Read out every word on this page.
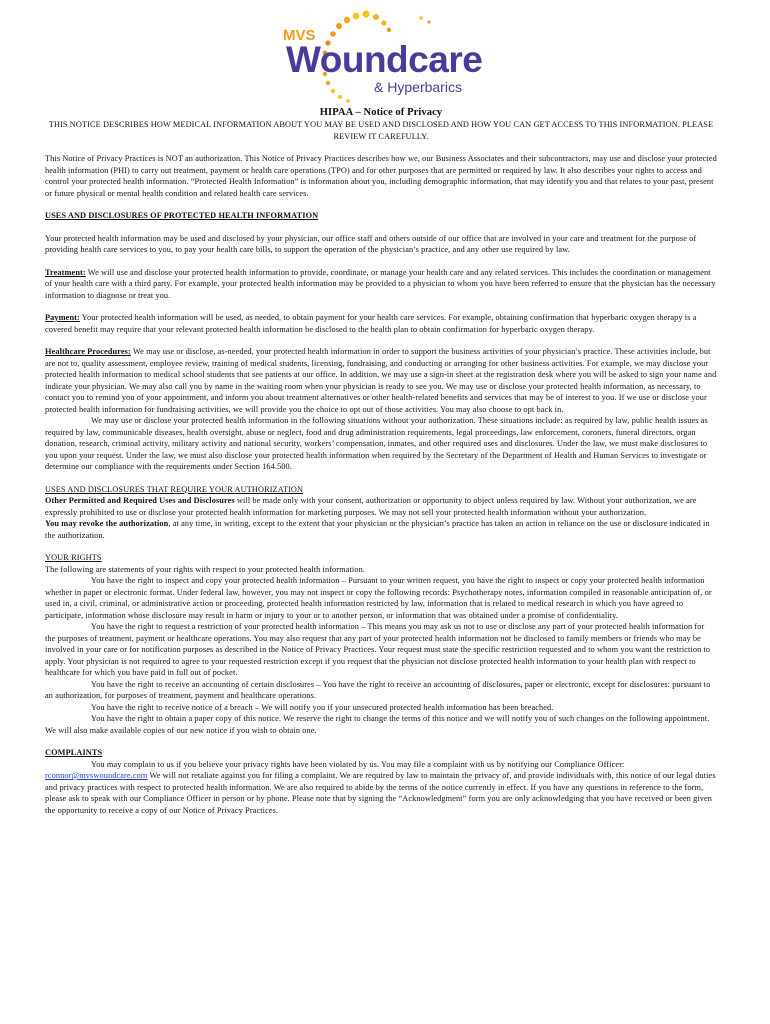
MVS
Woundcare
& Hyperbarics

HIPAA – Notice of Privacy

THIS NOTICE DESCRIBES HOW MEDICAL INFORMATION ABOUT YOU MAY BE USED AND DISCLOSED AND HOW YOU CAN GET ACCESS TO THIS INFORMATION. PLEASE REVIEW IT CAREFULLY.

This Notice of Privacy Practices is NOT an authorization. This Notice of Privacy Practices describes how we, our Business Associates and their subcontractors, may use and disclose your protected health information (PHI) to carry out treatment, payment or health care operations (TPO) and for other purposes that are permitted or required by law. It also describes your rights to access and control your protected health information. “Protected Health Information” is information about you, including demographic information, that may identify you and that relates to your past, present or future physical or mental health condition and related health care services.

USES AND DISCLOSURES OF PROTECTED HEALTH INFORMATION

Your protected health information may be used and disclosed by your physician, our office staff and others outside of our office that are involved in your care and treatment for the purpose of providing health care services to you, to pay your health care bills, to support the operation of the physician’s practice, and any other use required by law.

Treatment: We will use and disclose your protected health information to provide, coordinate, or manage your health care and any related services. This includes the coordination or management of your health care with a third party. For example, your protected health information may be provided to a physician to whom you have been referred to ensure that the physician has the necessary information to diagnose or treat you.

Payment: Your protected health information will be used, as needed, to obtain payment for your health care services. For example, obtaining confirmation that hyperbaric oxygen therapy is a covered benefit may require that your relevant protected health information be disclosed to the health plan to obtain confirmation for hyperbaric oxygen therapy.

Healthcare Procedures: We may use or disclose, as-needed, your protected health information in order to support the business activities of your physician’s practice. These activities include, but are not to, quality assessment, employee review, training of medical students, licensing, fundraising, and conducting or arranging for other business activities. For example, we may disclose your protected health information to medical school students that see patients at our office. In addition, we may use a sign-in sheet at the registration desk where you will be asked to sign your name and indicate your physician. We may also call you by name in the waiting room when your physician is ready to see you. We may use or disclose your protected health information, as necessary, to contact you to remind you of your appointment, and inform you about treatment alternatives or other health-related benefits and services that may be of interest to you. If we use or disclose your protected health information for fundraising activities, we will provide you the choice to opt out of those activities. You may also choose to opt back in.

We may use or disclose your protected health information in the following situations without your authorization. These situations include: as required by law, public health issues as required by law, communicable diseases, health oversight, abuse or neglect, food and drug administration requirements, legal proceedings, law enforcement, coroners, funeral directors, organ donation, research, criminal activity, military activity and national security, workers’ compensation, inmates, and other required uses and disclosures. Under the law, we must make disclosures to you upon your request. Under the law, we must also disclose your protected health information when required by the Secretary of the Department of Health and Human Services to investigate or determine our compliance with the requirements under Section 164.500.

USES AND DISCLOSURES THAT REQUIRE YOUR AUTHORIZATION

Other Permitted and Required Uses and Disclosures will be made only with your consent, authorization or opportunity to object unless required by law. Without your authorization, we are expressly prohibited to use or disclose your protected health information for marketing purposes. We may not sell your protected health information without your authorization.

You may revoke the authorization, at any time, in writing, except to the extent that your physician or the physician’s practice has taken an action in reliance on the use or disclosure indicated in the authorization.

YOUR RIGHTS

The following are statements of your rights with respect to your protected health information.

You have the right to inspect and copy your protected health information – Pursuant to your written request, you have the right to inspect or copy your protected health information whether in paper or electronic format. Under federal law, however, you may not inspect or copy the following records: Psychotherapy notes, information compiled in reasonable anticipation of, or used in, a civil, criminal, or administrative action or proceeding, protected health information restricted by law, information that is related to medical research in which you have agreed to participate, information whose disclosure may result in harm or injury to your or to another person, or information that was obtained under a promise of confidentiality.

You have the right to request a restriction of your protected health information – This means you may ask us not to use or disclose any part of your protected health information for the purposes of treatment, payment or healthcare operations. You may also request that any part of your protected health information not be disclosed to family members or friends who may be involved in your care or for notification purposes as described in the Notice of Privacy Practices. Your request must state the specific restriction requested and to whom you want the restriction to apply. Your physician is not required to agree to your requested restriction except if you request that the physician not disclose protected health information to your health plan with respect to healthcare for which you have paid in full out of pocket.

You have the right to receive an accounting of certain disclosures – You have the right to receive an accounting of disclosures, paper or electronic, except for disclosures: pursuant to an authorization, for purposes of treatment, payment and healthcare operations.

You have the right to receive notice of a breach – We will notify you if your unsecured protected health information has been breached.

You have the right to obtain a paper copy of this notice. We reserve the right to change the terms of this notice and we will notify you of such changes on the following appointment. We will also make available copies of our new notice if you wish to obtain one.

COMPLAINTS

You may complain to us if you believe your privacy rights have been violated by us. You may file a complaint with us by notifying our Compliance Officer: rconnor@mvswoundcare.com We will not retaliate against you for filing a complaint. We are required by law to maintain the privacy of, and provide individuals with, this notice of our legal duties and privacy practices with respect to protected health information. We are also required to abide by the terms of the notice currently in effect. If you have any questions in reference to the form, please ask to speak with our Compliance Officer in person or by phone. Please note that by signing the “Acknowledgment” form you are only acknowledging that you have received or been given the opportunity to receive a copy of our Notice of Privacy Practices.
